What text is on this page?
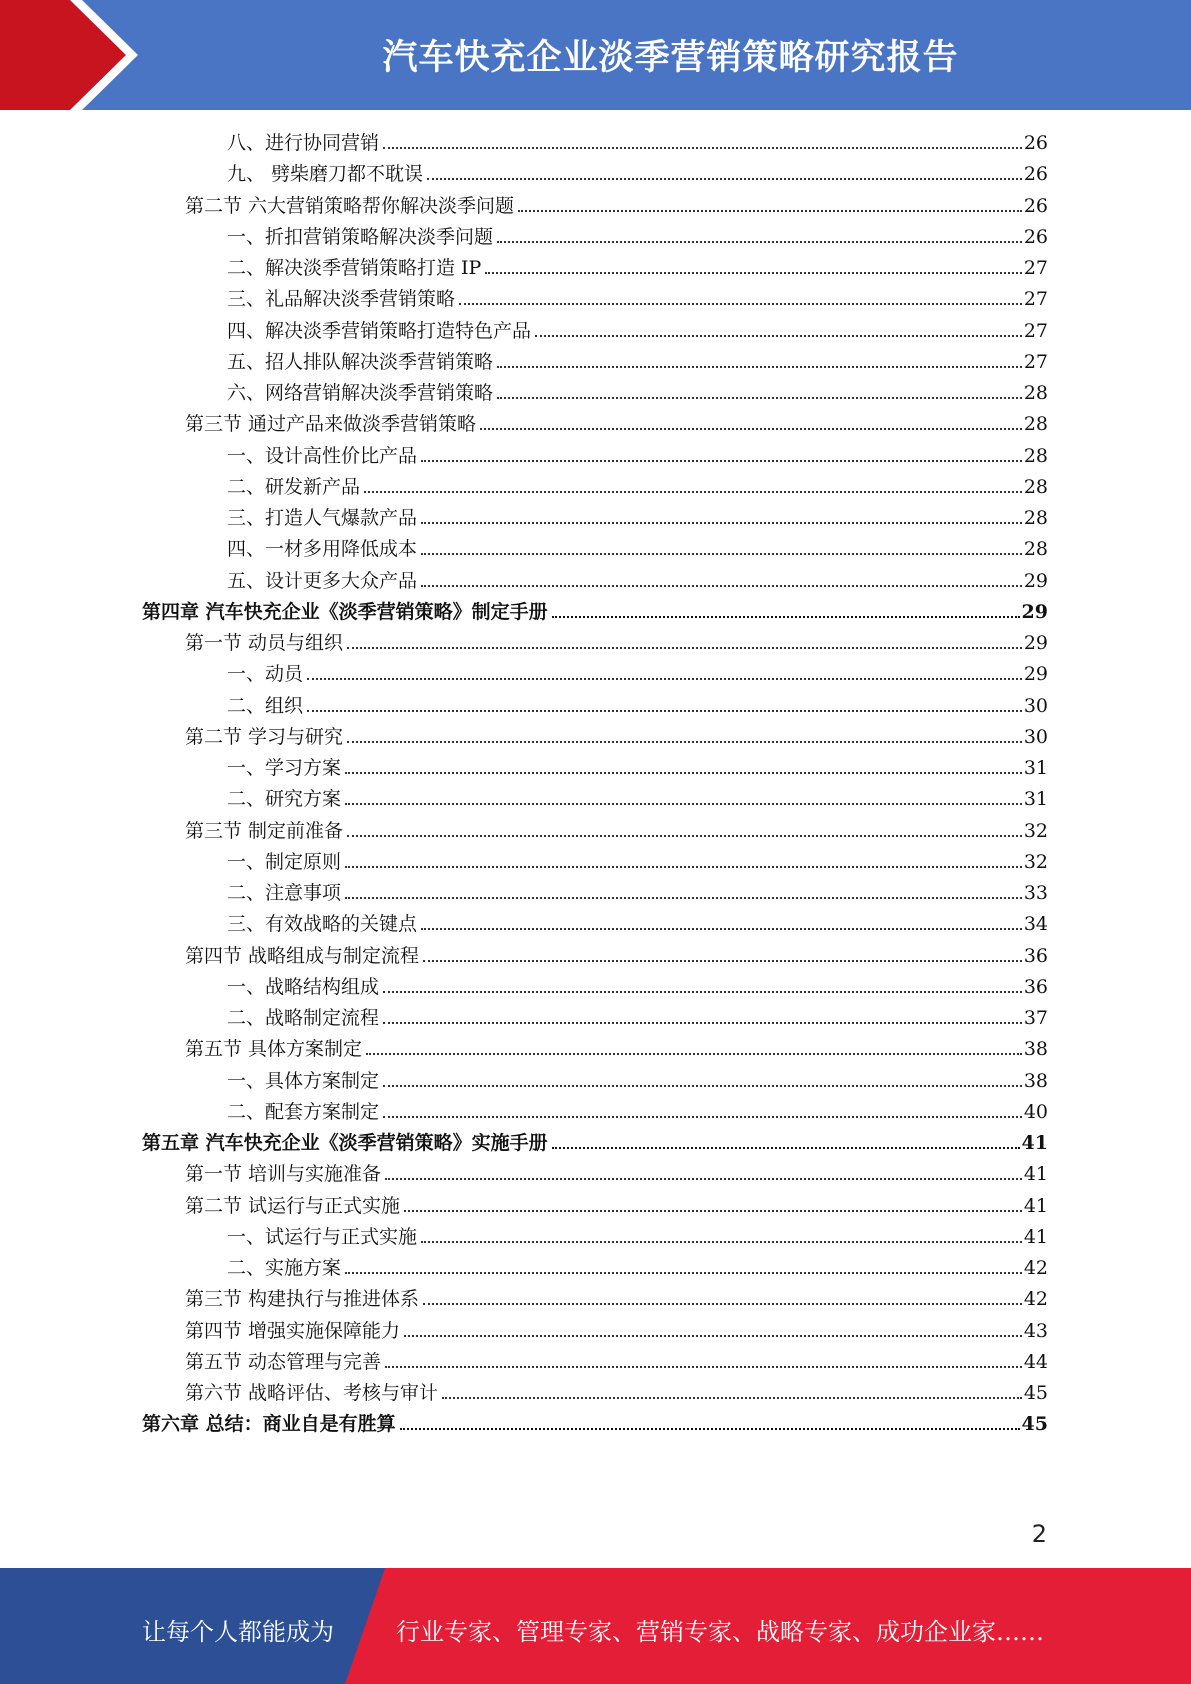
汽车快充企业淡季营销策略研究报告
八、进行协同营销	26
九、 劈柴磨刀都不耽误	26
第二节 六大营销策略帮你解决淡季问题	26
一、折扣营销策略解决淡季问题	26
二、解决淡季营销策略打造 IP	27
三、礼品解决淡季营销策略	27
四、解决淡季营销策略打造特色产品	27
五、招人排队解决淡季营销策略	27
六、网络营销解决淡季营销策略	28
第三节 通过产品来做淡季营销策略	28
一、设计高性价比产品	28
二、研发新产品	28
三、打造人气爆款产品	28
四、一材多用降低成本	28
五、设计更多大众产品	29
第四章 汽车快充企业《淡季营销策略》制定手册	29
第一节 动员与组织	29
一、动员	29
二、组织	30
第二节 学习与研究	30
一、学习方案	31
二、研究方案	31
第三节 制定前准备	32
一、制定原则	32
二、注意事项	33
三、有效战略的关键点	34
第四节 战略组成与制定流程	36
一、战略结构组成	36
二、战略制定流程	37
第五节 具体方案制定	38
一、具体方案制定	38
二、配套方案制定	40
第五章 汽车快充企业《淡季营销策略》实施手册	41
第一节 培训与实施准备	41
第二节 试运行与正式实施	41
一、试运行与正式实施	41
二、实施方案	42
第三节 构建执行与推进体系	42
第四节 增强实施保障能力	43
第五节 动态管理与完善	44
第六节 战略评估、考核与审计	45
第六章 总结：商业自是有胜算	45
2
让每个人都能成为	行业专家、管理专家、营销专家、战略专家、成功企业家……
